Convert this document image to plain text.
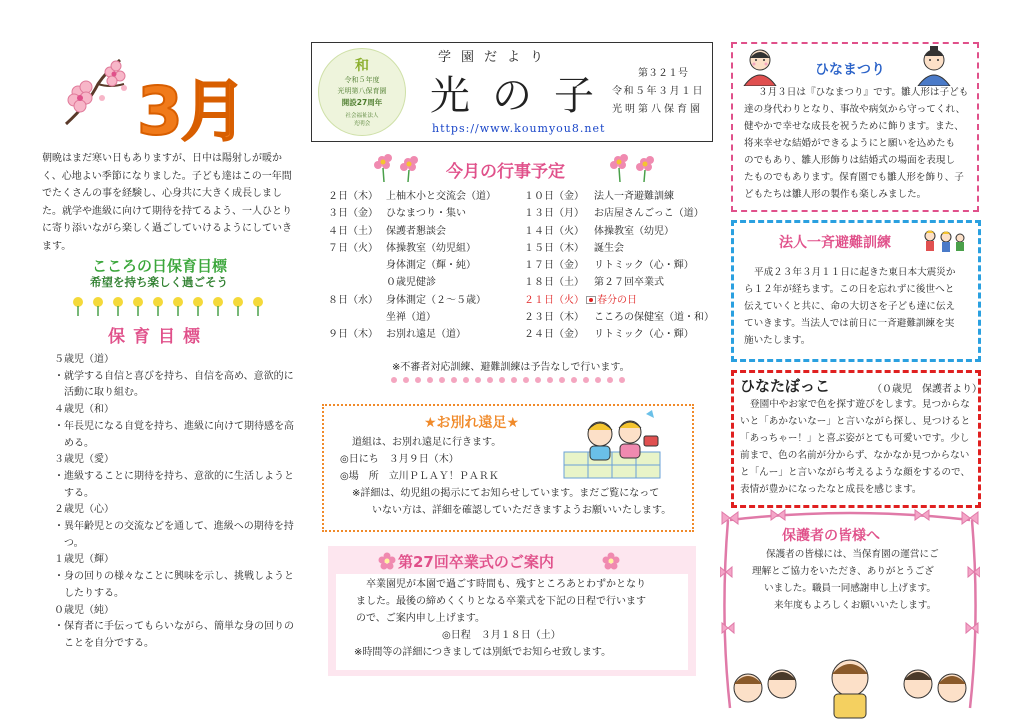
3月
朝晩はまだ寒い日もありますが、日中は陽射しが暖かく、心地よい季節になりました。子ども達はこの一年間でたくさんの事を経験し、心身共に大きく成長しました。就学や進級に向けて期待を持てるよう、一人ひとりに寄り添いながら楽しく過ごしていけるようにしていきます。
こころの日保育目標
希望を持ち楽しく過ごそう
保育目標
５歳児（道）
・就学する自信と喜びを持ち、自信を高め、意欲的に
　活動に取り組む。
４歳児（和）
・年長児になる自覚を持ち、進級に向けて期待感を高
　める。
３歳児（愛）
・進級することに期待を持ち、意欲的に生活しようと
　する。
２歳児（心）
・異年齢児との交流などを通して、進級への期待を持
　つ。
１歳児（輝）
・身の回りの様々なことに興味を示し、挑戦しようと
　したりする。
０歳児（純）
・保育者に手伝ってもらいながら、簡単な身の回りの
　ことを自分でする。
和
令和５年度
光明第八保育園
開設27周年
社会福祉法人
光明会
学園だより
光の子 第３２１号
令和５年３月１日
光明第八保育園
https://www.koumyou8.net
今月の行事予定
２日（木） 上柚木小と交流会（道）
３日（金） ひなまつり・集い
４日（土） 保護者懇談会
７日（火） 体操教室（幼児組）
身体測定（輝・純）
０歳児健診
８日（水） 身体測定（２～５歳）
坐禅（道）
９日（木） お別れ遠足（道）
１０日（金） 法人一斉避難訓練
１３日（月） お店屋さんごっこ（道）
１４日（火） 体操教室（幼児）
１５日（木） 誕生会
１７日（金） リトミック（心・輝）
１８日（土） 第２７回卒業式
２１日（火） 春分の日
２３日（木） こころの保健室（道・和）
２４日（金） リトミック（心・輝）
※不審者対応訓練、避難訓練は予告なしで行います。
★お別れ遠足★
道組は、お別れ遠足に行きます。
◎日にち　３月９日（木）
◎場　所　立川ＰＬＡＹ！ＰＡＲＫ
※詳細は、幼児組の掲示にてお知らせしています。まだご覧になって
いない方は、詳細を確認していただきますようお願いいたします。
第27回卒業式のご案内
卒業園児が本園で過ごす時間も、残すところあとわずかとなり
ました。最後の締めくくりとなる卒業式を下記の日程で行います
ので、ご案内申し上げます。
◎日程　３月１８日（土）
※時間等の詳細につきましては別紙でお知らせ致します。
ひなまつり
３月３日は『ひなまつり』です。雛人形は子ども
達の身代わりとなり、事故や病気から守ってくれ、
健やかで幸せな成長を祝うために飾ります。また、
将来幸せな結婚ができるようにと願いを込めたも
のでもあり、雛人形飾りは結婚式の場面を表現し
たものでもあります。保育園でも雛人形を飾り、子
どもたちは雛人形の製作も楽しみました。
法人一斉避難訓練
平成２３年３月１１日に起きた東日本大震災か
ら１２年が経ちます。この日を忘れずに後世へと
伝えていくと共に、命の大切さを子ども達に伝え
ていきます。当法人では前日に一斉避難訓練を実
施いたします。
ひなたぼっこ	（０歳児　保護者より）
登園中やお家で色を探す遊びをします。見つからな
いと「あかないなー」と言いながら探し、見つけると
「あっちゃー！」と喜ぶ姿がとても可愛いです。少し
前まで、色の名前が分からず、なかなか見つからない
と「んー」と言いながら考えるような顔をするので、
表情が豊かになったなと成長を感じます。
保護者の皆様へ
保護者の皆様には、当保育園の運営にご
理解とご協力をいただき、ありがとうござ
いました。職員一同感謝申し上げます。
来年度もよろしくお願いいたします。
